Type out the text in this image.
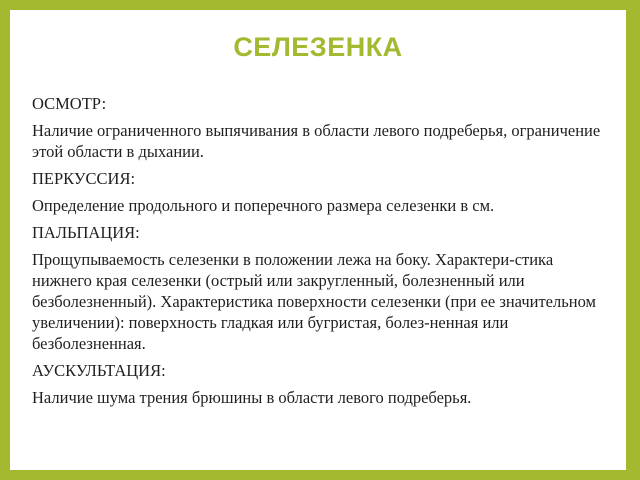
СЕЛЕЗЕНКА

ОСМОТР:

Наличие ограниченного выпячивания в области левого подреберья, ограничение этой области в дыхании.

ПЕРКУССИЯ:

Определение продольного и поперечного размера селезенки в см.

ПАЛЬПАЦИЯ:

Прощупываемость селезенки в положении лежа на боку. Характери-стика нижнего края селезенки (острый или закругленный, болезненный или безболезненный). Характеристика поверхности селезенки (при ее значительном увеличении): поверхность гладкая или бугристая, болез-ненная или безболезненная.

АУСКУЛЬТАЦИЯ:

Наличие шума трения брюшины в области левого подреберья.
